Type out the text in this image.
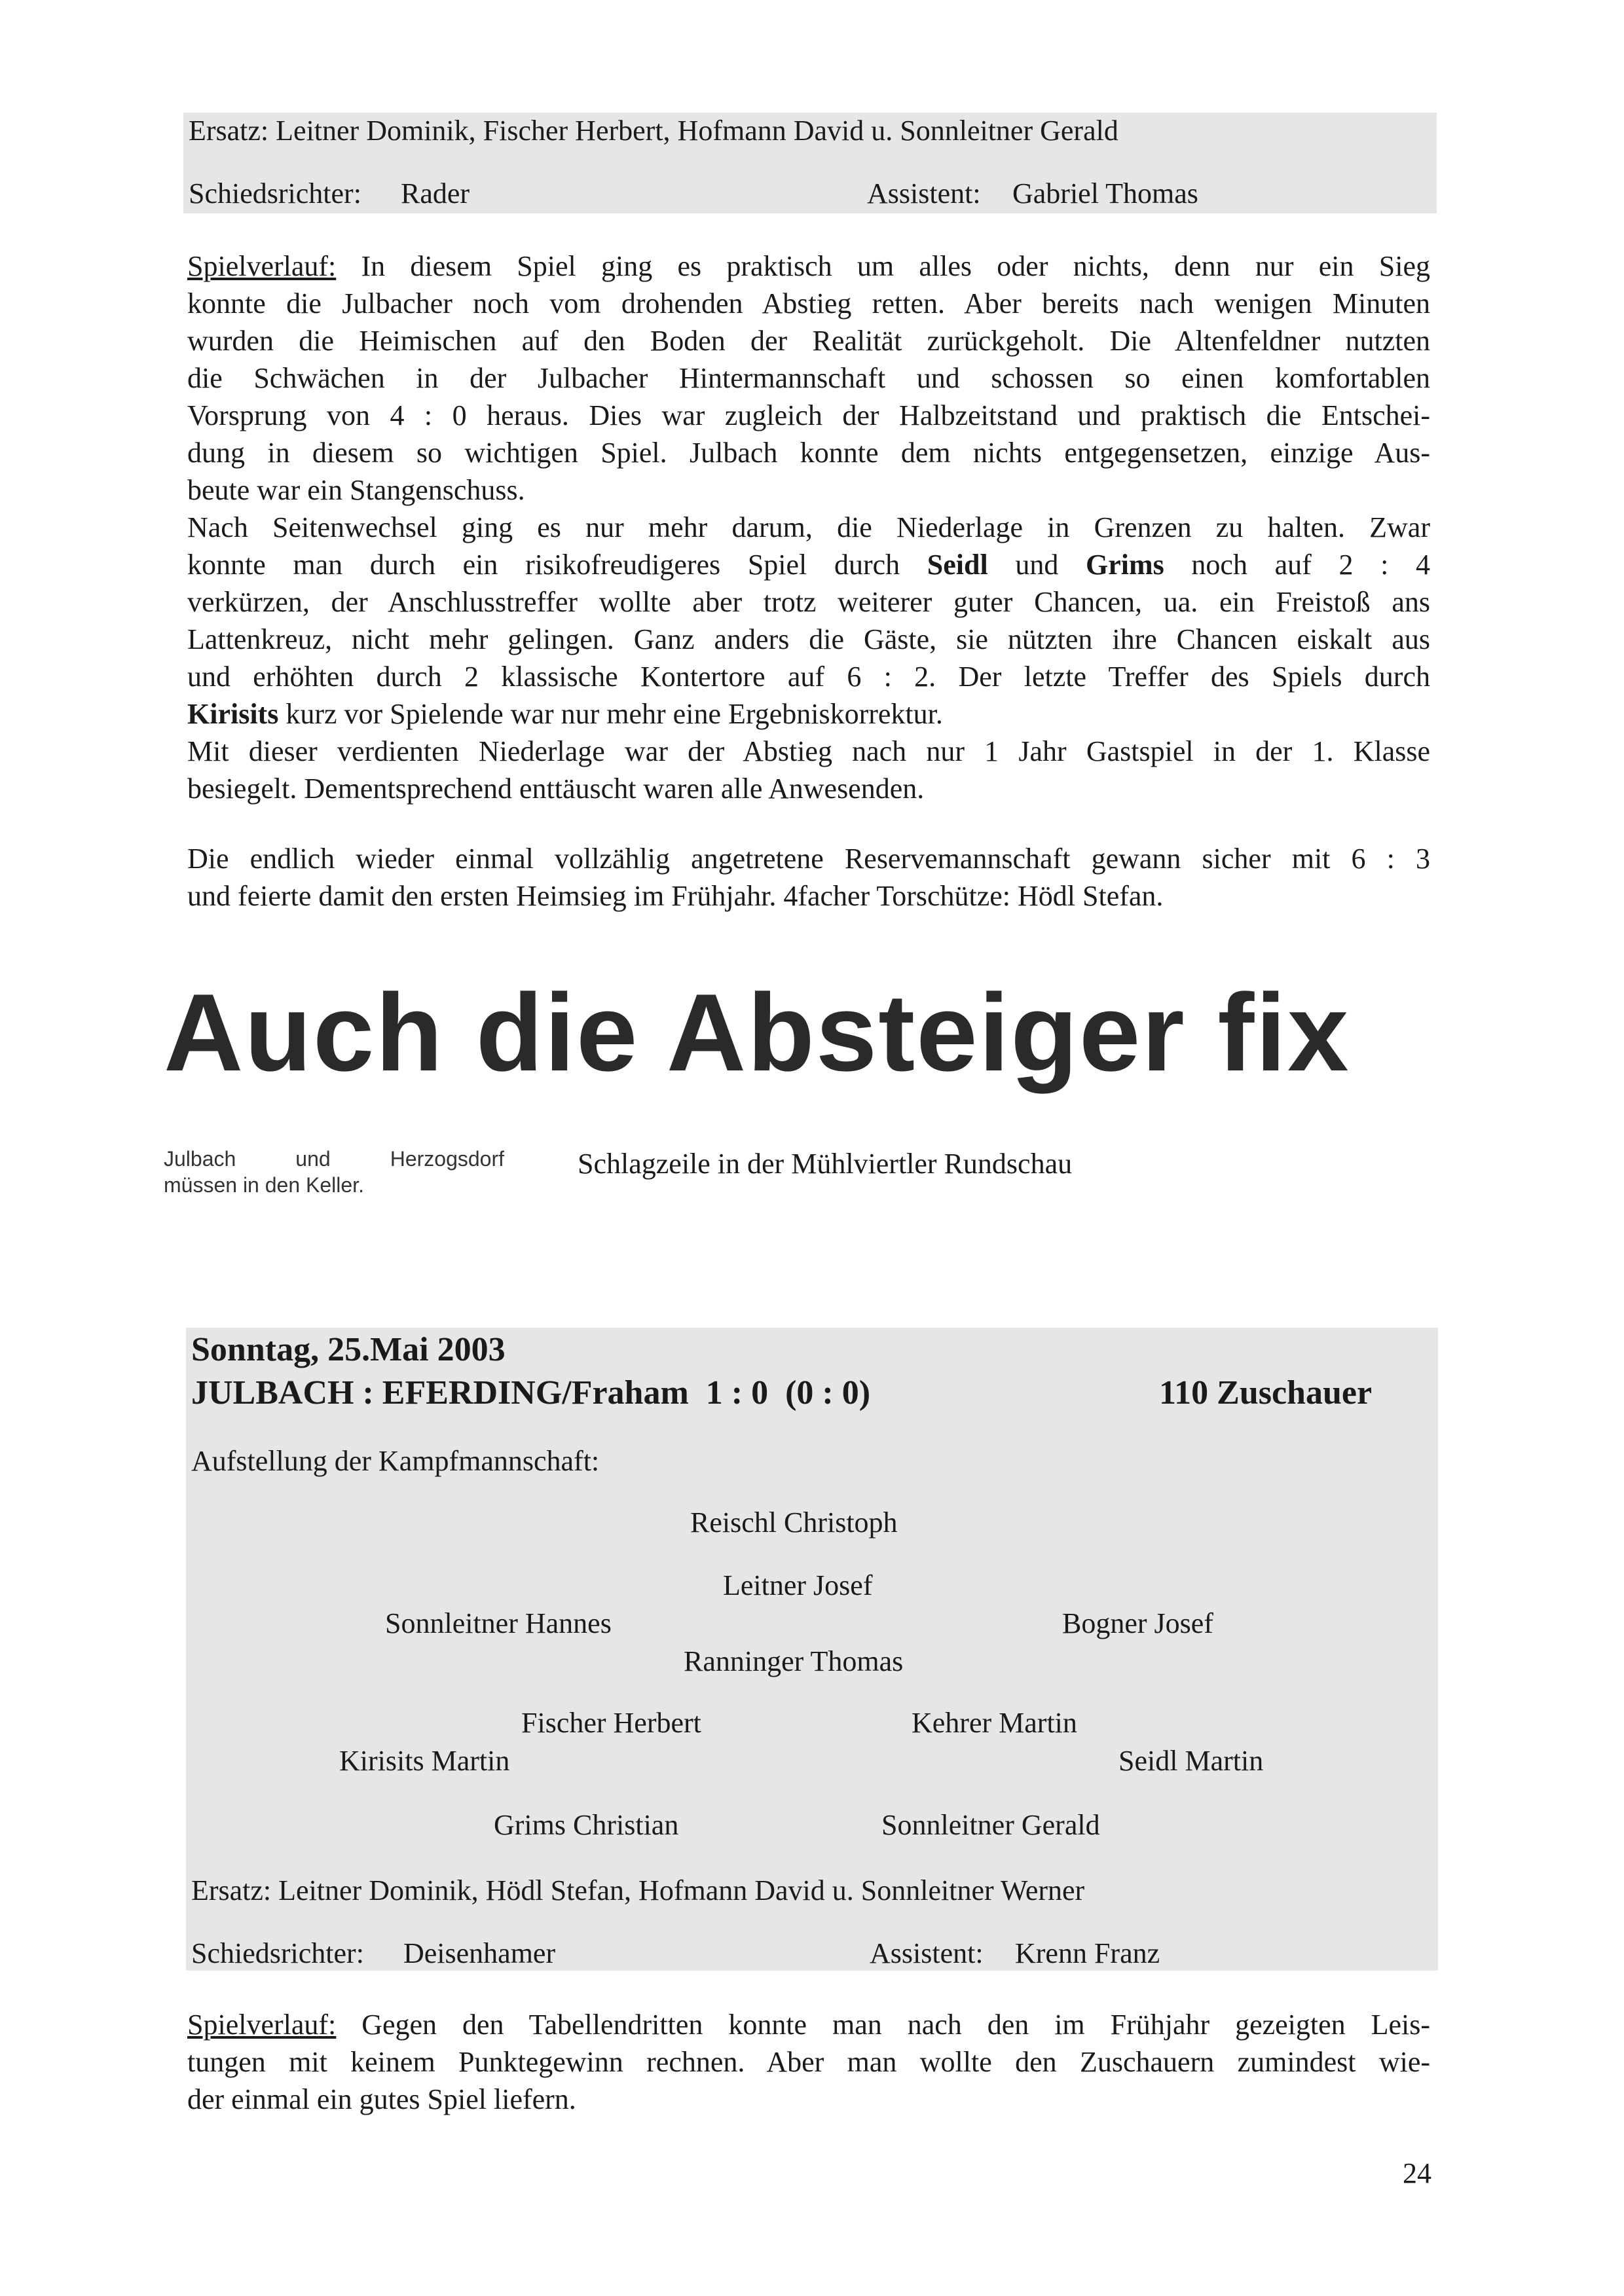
Ersatz: Leitner Dominik, Fischer Herbert, Hofmann David u. Sonnleitner Gerald
Schiedsrichter: Rader	Assistent: Gabriel Thomas
Spielverlauf: In diesem Spiel ging es praktisch um alles oder nichts, denn nur ein Sieg
konnte die Julbacher noch vom drohenden Abstieg retten. Aber bereits nach wenigen Minuten
wurden die Heimischen auf den Boden der Realität zurückgeholt. Die Altenfeldner nutzten
die Schwächen in der Julbacher Hintermannschaft und schossen so einen komfortablen
Vorsprung von 4 : 0 heraus. Dies war zugleich der Halbzeitstand und praktisch die Entschei-
dung in diesem so wichtigen Spiel. Julbach konnte dem nichts entgegensetzen, einzige Aus-
beute war ein Stangenschuss.
Nach Seitenwechsel ging es nur mehr darum, die Niederlage in Grenzen zu halten. Zwar
konnte man durch ein risikofreudigeres Spiel durch Seidl und Grims noch auf 2 : 4
verkürzen, der Anschlusstreffer wollte aber trotz weiterer guter Chancen, ua. ein Freistoß ans
Lattenkreuz, nicht mehr gelingen. Ganz anders die Gäste, sie nützten ihre Chancen eiskalt aus
und erhöhten durch 2 klassische Kontertore auf 6 : 2. Der letzte Treffer des Spiels durch
Kirisits kurz vor Spielende war nur mehr eine Ergebniskorrektur.
Mit dieser verdienten Niederlage war der Abstieg nach nur 1 Jahr Gastspiel in der 1. Klasse
besiegelt. Dementsprechend enttäuscht waren alle Anwesenden.
Die endlich wieder einmal vollzählig angetretene Reservemannschaft gewann sicher mit 6 : 3
und feierte damit den ersten Heimsieg im Frühjahr. 4facher Torschütze: Hödl Stefan.
Auch die Absteiger fix
Julbach und Herzogsdorf
müssen in den Keller.
Schlagzeile in der Mühlviertler Rundschau
Sonntag, 25.Mai 2003
JULBACH : EFERDING/Fraham  1 : 0  (0 : 0)	110 Zuschauer
Aufstellung der Kampfmannschaft:
Reischl Christoph
Leitner Josef
Sonnleitner Hannes	Bogner Josef
Ranninger Thomas
Fischer Herbert	Kehrer Martin
Kirisits Martin	Seidl Martin
Grims Christian	Sonnleitner Gerald
Ersatz: Leitner Dominik, Hödl Stefan, Hofmann David u. Sonnleitner Werner
Schiedsrichter: Deisenhamer	Assistent: Krenn Franz
Spielverlauf: Gegen den Tabellendritten konnte man nach den im Frühjahr gezeigten Leis-
tungen mit keinem Punktegewinn rechnen. Aber man wollte den Zuschauern zumindest wie-
der einmal ein gutes Spiel liefern.
24
